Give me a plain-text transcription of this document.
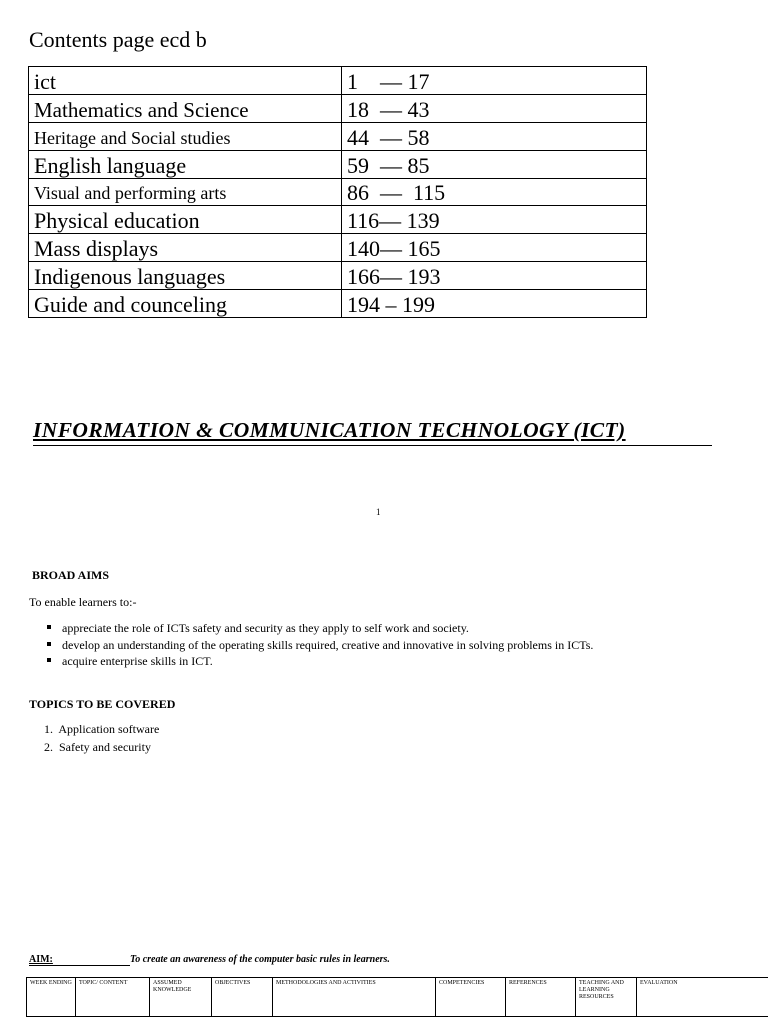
Contents page ecd b
ict	1    — 17
Mathematics and Science	18  — 43
Heritage and Social studies	44  — 58
English language	59  — 85
Visual and performing arts	86  —  115
Physical education	116— 139
Mass displays	140— 165
Indigenous languages	166— 193
Guide and counceling	194 – 199
INFORMATION & COMMUNICATION TECHNOLOGY (ICT)
1
BROAD AIMS
To enable learners to:-
appreciate the role of ICTs safety and security as they apply to self work and society.
develop an understanding of the operating skills required, creative and innovative in solving problems in ICTs.
acquire enterprise skills in ICT.
TOPICS TO BE COVERED
1.  Application software
2.  Safety and security
AIM:	To create an awareness of the computer basic rules in learners.
WEEK ENDING	TOPIC/ CONTENT	ASSUMED KNOWLEDGE	OBJECTIVES	METHODOLOGIES AND ACTIVITIES	COMPETENCIES	REFERENCES	TEACHING AND LEARNING RESOURCES	EVALUATION
